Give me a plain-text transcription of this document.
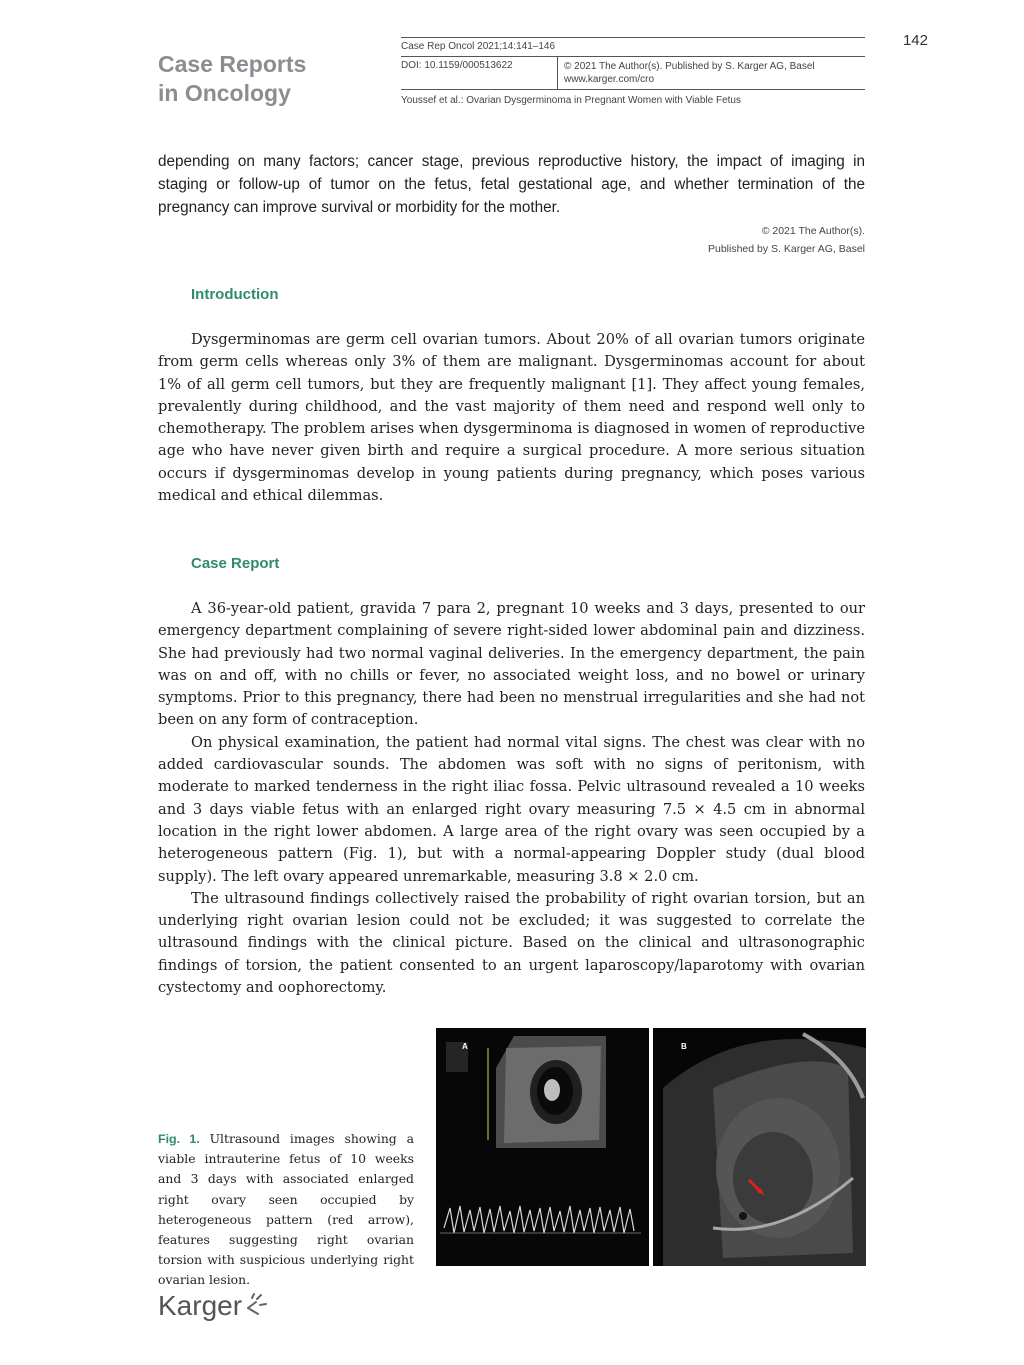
142
Case Reports
in Oncology
Case Rep Oncol 2021;14:141–146
DOI: 10.1159/000513622	© 2021 The Author(s). Published by S. Karger AG, Basel
www.karger.com/cro
Youssef et al.: Ovarian Dysgerminoma in Pregnant Women with Viable Fetus

depending on many factors; cancer stage, previous reproductive history, the impact of imaging in staging or follow-up of tumor on the fetus, fetal gestational age, and whether termination of the pregnancy can improve survival or morbidity for the mother.

© 2021 The Author(s).
Published by S. Karger AG, Basel
Introduction

Dysgerminomas are germ cell ovarian tumors. About 20% of all ovarian tumors originate from germ cells whereas only 3% of them are malignant. Dysgerminomas account for about 1% of all germ cell tumors, but they are frequently malignant [1]. They affect young females, prevalently during childhood, and the vast majority of them need and respond well only to chemotherapy. The problem arises when dysgerminoma is diagnosed in women of reproductive age who have never given birth and require a surgical procedure. A more serious situation occurs if dysgerminomas develop in young patients during pregnancy, which poses various medical and ethical dilemmas.

Case Report

A 36-year-old patient, gravida 7 para 2, pregnant 10 weeks and 3 days, presented to our emergency department complaining of severe right-sided lower abdominal pain and dizziness. She had previously had two normal vaginal deliveries. In the emergency department, the pain was on and off, with no chills or fever, no associated weight loss, and no bowel or urinary symptoms. Prior to this pregnancy, there had been no menstrual irregularities and she had not been on any form of contraception.

On physical examination, the patient had normal vital signs. The chest was clear with no added cardiovascular sounds. The abdomen was soft with no signs of peritonism, with moderate to marked tenderness in the right iliac fossa. Pelvic ultrasound revealed a 10 weeks and 3 days viable fetus with an enlarged right ovary measuring 7.5 × 4.5 cm in abnormal location in the right lower abdomen. A large area of the right ovary was seen occupied by a heterogeneous pattern (Fig. 1), but with a normal-appearing Doppler study (dual blood supply). The left ovary appeared unremarkable, measuring 3.8 × 2.0 cm.

The ultrasound findings collectively raised the probability of right ovarian torsion, but an underlying right ovarian lesion could not be excluded; it was suggested to correlate the ultrasound findings with the clinical picture. Based on the clinical and ultrasonographic findings of torsion, the patient consented to an urgent laparoscopy/laparotomy with ovarian cystectomy and oophorectomy.

A	B
Fig. 1. Ultrasound images showing a viable intrauterine fetus of 10 weeks and 3 days with associated enlarged right ovary seen occupied by heterogeneous pattern (red arrow), features suggesting right ovarian torsion with suspicious underlying right ovarian lesion.
Karger
